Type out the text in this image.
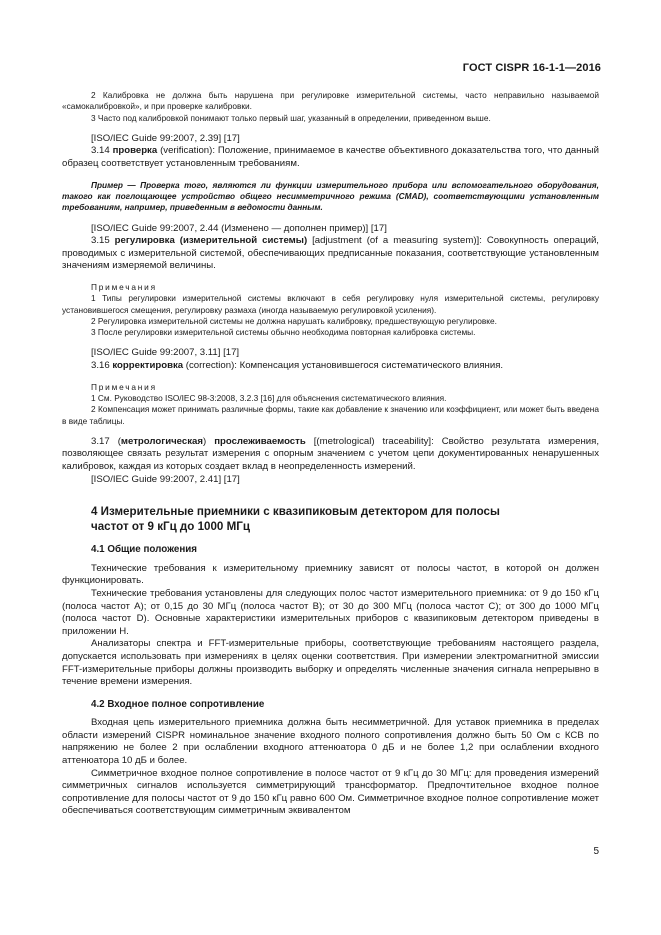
ГОСТ CISPR 16-1-1—2016

2 Калибровка не должна быть нарушена при регулировке измерительной системы, часто неправильно называемой «самокалибровкой», и при проверке калибровки.

3 Часто под калибровкой понимают только первый шаг, указанный в определении, приведенном выше.

[ISO/IEC Guide 99:2007, 2.39] [17]

3.14 проверка (verification): Положение, принимаемое в качестве объективного доказательства того, что данный образец соответствует установленным требованиям.

Пример — Проверка того, являются ли функции измерительного прибора или вспомогательного оборудования, такого как поглощающее устройство общего несимметричного режима (CMAD), соответствующими установленным требованиям, например, приведенным в ведомости данным.

[ISO/IEC Guide 99:2007, 2.44 (Изменено — дополнен пример)] [17]

3.15 регулировка (измерительной системы) [adjustment (of a measuring system)]: Совокупность операций, проводимых с измерительной системой, обеспечивающих предписанные показания, соответствующие установленным значениям измеряемой величины.

Примечания

1 Типы регулировки измерительной системы включают в себя регулировку нуля измерительной системы, регулировку установившегося смещения, регулировку размаха (иногда называемую регулировкой усиления).

2 Регулировка измерительной системы не должна нарушать калибровку, предшествующую регулировке.

3 После регулировки измерительной системы обычно необходима повторная калибровка системы.

[ISO/IEC Guide 99:2007, 3.11] [17]

3.16 корректировка (correction): Компенсация установившегося систематического влияния.

Примечания

1 См. Руководство ISO/IEC 98-3:2008, 3.2.3 [16] для объяснения систематического влияния.

2 Компенсация может принимать различные формы, такие как добавление к значению или коэффициент, или может быть введена в виде таблицы.

3.17 (метрологическая) прослеживаемость [(metrological) traceability]: Свойство результата измерения, позволяющее связать результат измерения с опорным значением с учетом цепи документированных ненарушенных калибровок, каждая из которых создает вклад в неопределенность измерений.

[ISO/IEC Guide 99:2007, 2.41] [17]

4 Измерительные приемники с квазипиковым детектором для полосы
частот от 9 кГц до 1000 МГц

4.1 Общие положения

Технические требования к измерительному приемнику зависят от полосы частот, в которой он должен функционировать.

Технические требования установлены для следующих полос частот измерительного приемника: от 9 до 150 кГц (полоса частот А); от 0,15 до 30 МГц (полоса частот В); от 30 до 300 МГц (полоса частот С); от 300 до 1000 МГц (полоса частот D). Основные характеристики измерительных приборов с квазипиковым детектором приведены в приложении Н.

Анализаторы спектра и FFT-измерительные приборы, соответствующие требованиям настоящего раздела, допускается использовать при измерениях в целях оценки соответствия. При измерении электромагнитной эмиссии FFT-измерительные приборы должны производить выборку и определять численные значения сигнала непрерывно в течение времени измерения.

4.2 Входное полное сопротивление

Входная цепь измерительного приемника должна быть несимметричной. Для уставок приемника в пределах области измерений CISPR номинальное значение входного полного сопротивления должно быть 50 Ом с КСВ по напряжению не более 2 при ослаблении входного аттенюатора 0 дБ и не более 1,2 при ослаблении входного аттенюатора 10 дБ и более.

Симметричное входное полное сопротивление в полосе частот от 9 кГц до 30 МГц: для проведения измерений симметричных сигналов используется симметрирующий трансформатор. Предпочтительное входное полное сопротивление для полосы частот от 9 до 150 кГц равно 600 Ом. Симметричное входное полное сопротивление может обеспечиваться соответствующим симметричным эквивалентом

5
